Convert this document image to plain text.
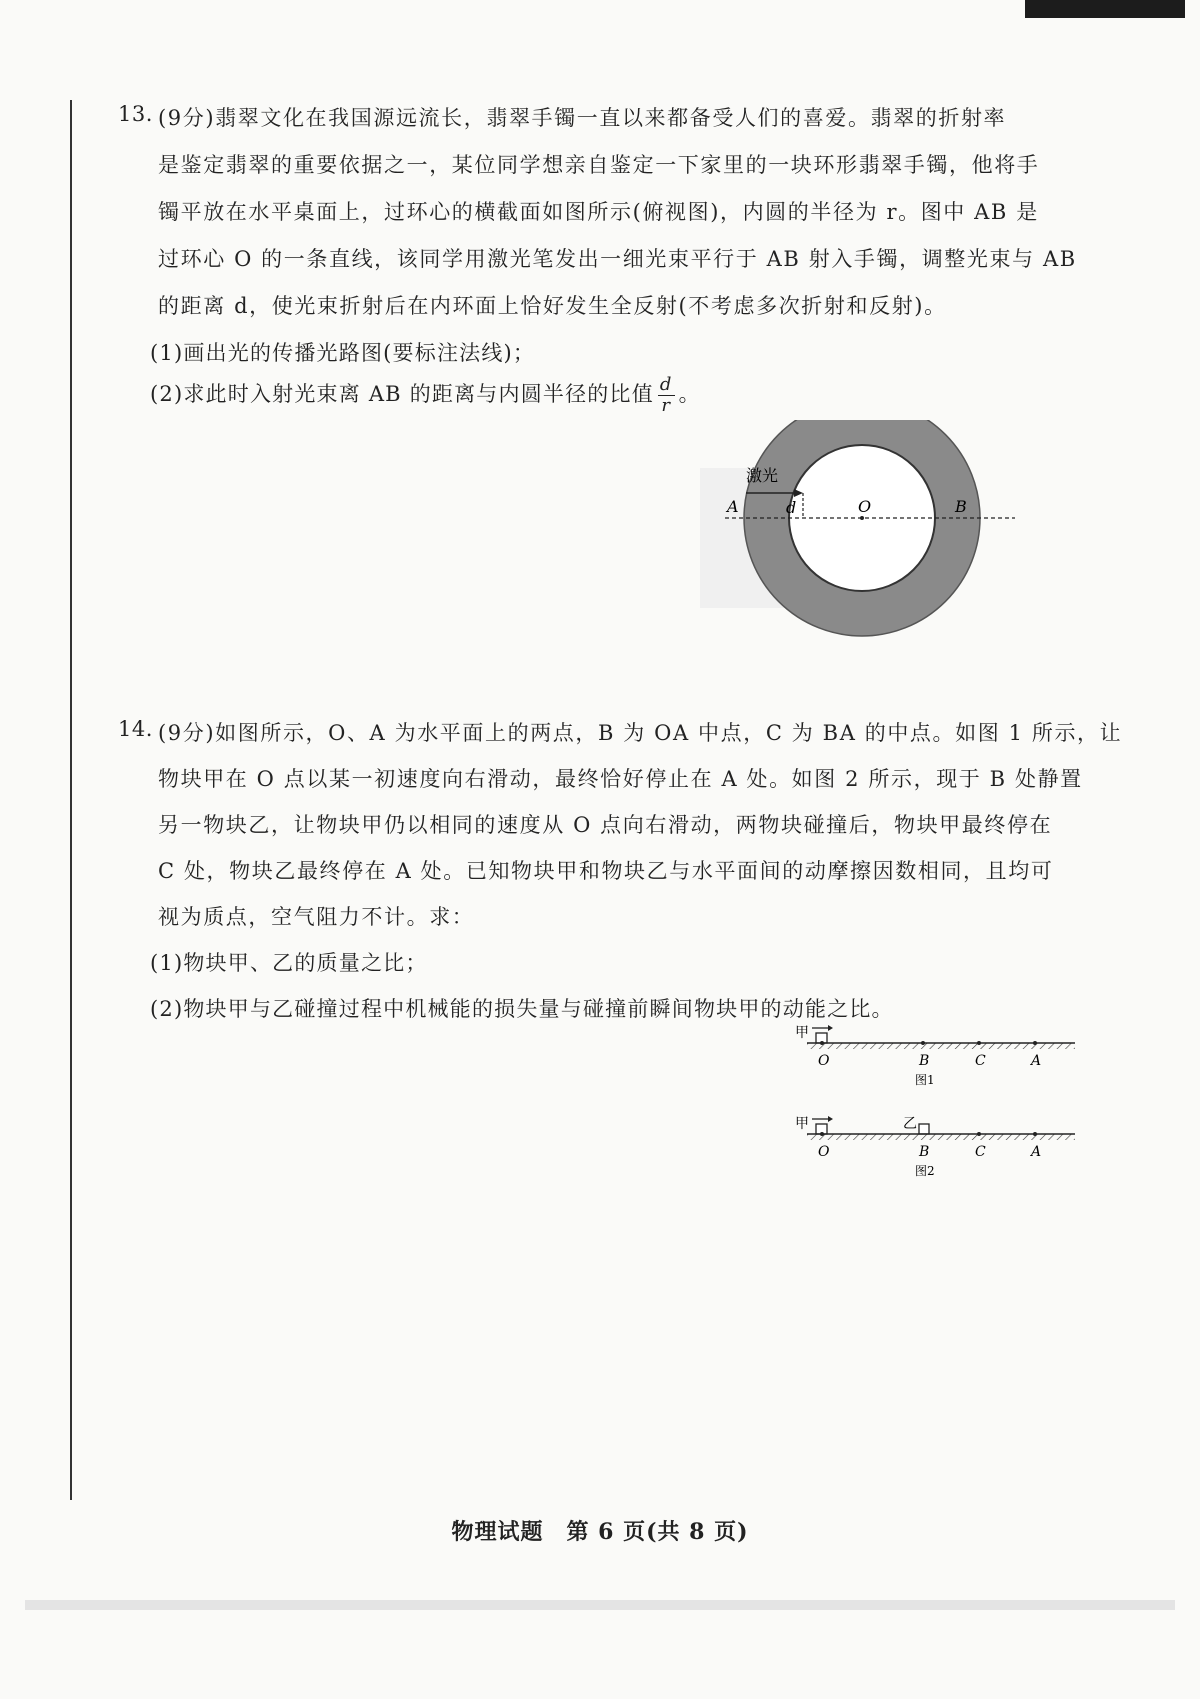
13. (9分)翡翠文化在我国源远流长，翡翠手镯一直以来都备受人们的喜爱。翡翠的折射率
是鉴定翡翠的重要依据之一，某位同学想亲自鉴定一下家里的一块环形翡翠手镯，他将手
镯平放在水平桌面上，过环心的横截面如图所示(俯视图)，内圆的半径为 r。图中 AB 是
过环心 O 的一条直线，该同学用激光笔发出一细光束平行于 AB 射入手镯，调整光束与 AB
的距离 d，使光束折射后在内环面上恰好发生全反射(不考虑多次折射和反射)。
(1)画出光的传播光路图(要标注法线)；
(2)求此时入射光束离 AB 的距离与内圆半径的比值 $\frac{d}{r}$ 。
激光
d
A	O	B
14. (9分)如图所示，O、A 为水平面上的两点，B 为 OA 中点，C 为 BA 的中点。如图 1 所示，让
物块甲在 O 点以某一初速度向右滑动，最终恰好停止在 A 处。如图 2 所示，现于 B 处静置
另一物块乙，让物块甲仍以相同的速度从 O 点向右滑动，两物块碰撞后，物块甲最终停在
C 处，物块乙最终停在 A 处。已知物块甲和物块乙与水平面间的动摩擦因数相同，且均可
视为质点，空气阻力不计。求：
(1)物块甲、乙的质量之比；
(2)物块甲与乙碰撞过程中机械能的损失量与碰撞前瞬间物块甲的动能之比。
甲
O	B	C	A
图1
甲	乙
O	B	C	A
图2
物理试题　第 6 页(共 8 页)
